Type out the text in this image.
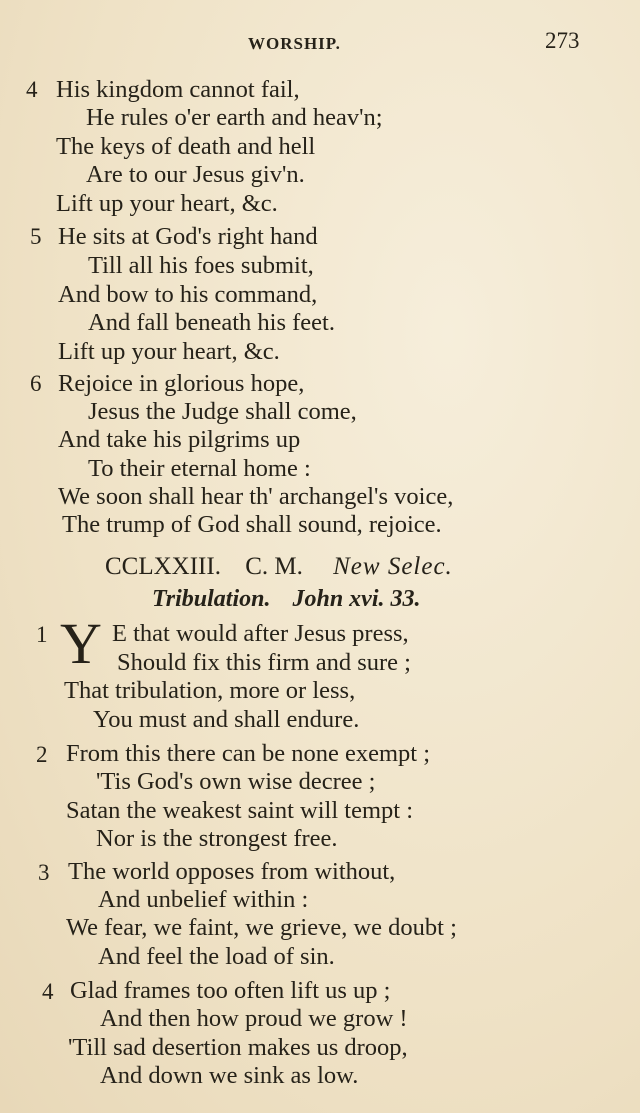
WORSHIP.	273
4 His kingdom cannot fail,
He rules o'er earth and heav'n;
The keys of death and hell
Are to our Jesus giv'n.
Lift up your heart, &c.
5 He sits at God's right hand
Till all his foes submit,
And bow to his command,
And fall beneath his feet.
Lift up your heart, &c.
6 Rejoice in glorious hope,
Jesus the Judge shall come,
And take his pilgrims up
To their eternal home :
We soon shall hear th' archangel's voice,
The trump of God shall sound, rejoice.
CCLXXIII. C. M. New Selec.
Tribulation. John xvi. 33.
1 Y E that would after Jesus press,
Should fix this firm and sure ;
That tribulation, more or less,
You must and shall endure.
2 From this there can be none exempt ;
'Tis God's own wise decree ;
Satan the weakest saint will tempt :
Nor is the strongest free.
3 The world opposes from without,
And unbelief within :
We fear, we faint, we grieve, we doubt ;
And feel the load of sin.
4 Glad frames too often lift us up ;
And then how proud we grow !
'Till sad desertion makes us droop,
And down we sink as low.
